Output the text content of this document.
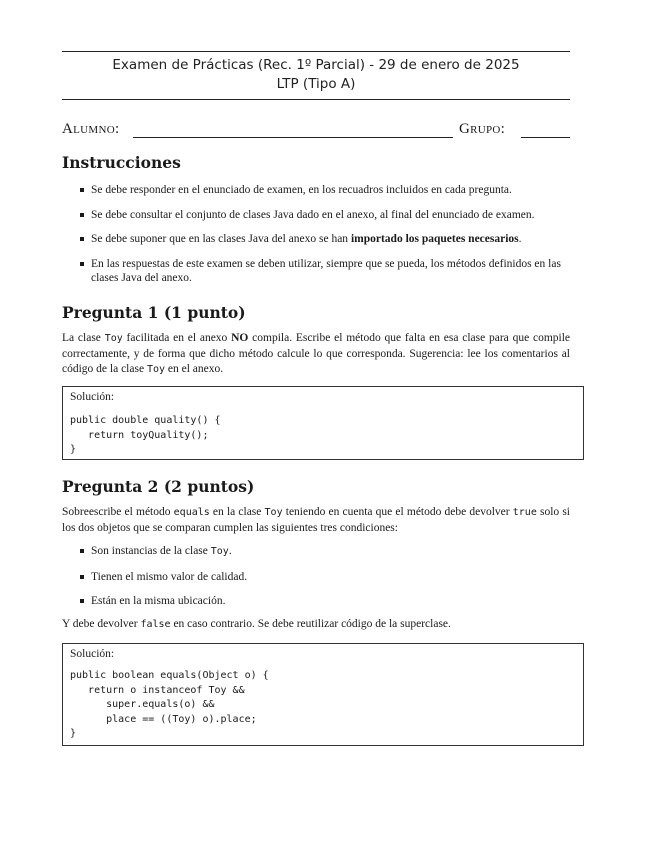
Examen de Prácticas (Rec. 1º Parcial) - 29 de enero de 2025
LTP (Tipo A)
Alumno:	Grupo:
Instrucciones
Se debe responder en el enunciado de examen, en los recuadros incluidos en cada pregunta.
Se debe consultar el conjunto de clases Java dado en el anexo, al final del enunciado de examen.
Se debe suponer que en las clases Java del anexo se han importado los paquetes necesarios.
En las respuestas de este examen se deben utilizar, siempre que se pueda, los métodos definidos en las clases Java del anexo.
Pregunta 1 (1 punto)

La clase Toy facilitada en el anexo NO compila. Escribe el método que falta en esa clase para que compile correctamente, y de forma que dicho método calcule lo que corresponda. Sugerencia: lee los comentarios al código de la clase Toy en el anexo.

Solución:
public double quality() {
return toyQuality();
}
Pregunta 2 (2 puntos)

Sobreescribe el método equals en la clase Toy teniendo en cuenta que el método debe devolver true solo si los dos objetos que se comparan cumplen las siguientes tres condiciones:

Son instancias de la clase Toy.
Tienen el mismo valor de calidad.
Están en la misma ubicación.

Y debe devolver false en caso contrario. Se debe reutilizar código de la superclase.

Solución:
public boolean equals(Object o) {
return o instanceof Toy &&
super.equals(o) &&
place == ((Toy) o).place;
}
